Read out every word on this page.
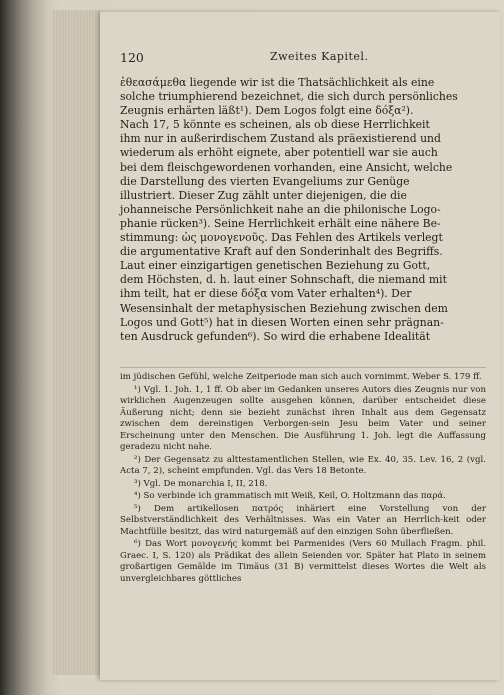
120	Zweites Kapitel.

ἐθεασάμεθα liegende wir ist die Thatsächlichkeit als eine

solche triumphierend bezeichnet, die sich durch persönliches

Zeugnis erhärten läßt¹). Dem Logos folgt eine δόξα²).

Nach 17, 5 könnte es scheinen, als ob diese Herrlichkeit

ihm nur in außerirdischem Zustand als präexistierend und

wiederum als erhöht eignete, aber potentiell war sie auch

bei dem fleischgewordenen vorhanden, eine Ansicht, welche

die Darstellung des vierten Evangeliums zur Genüge

illustriert. Dieser Zug zählt unter diejenigen, die die

johanneische Persönlichkeit nahe an die philonische Logo-

phanie rücken³). Seine Herrlichkeit erhält eine nähere Be-

stimmung: ὡς μονογενοῦς. Das Fehlen des Artikels verlegt

die argumentative Kraft auf den Sonderinhalt des Begriffs.

Laut einer einzigartigen genetischen Beziehung zu Gott,

dem Höchsten, d. h. laut einer Sohnschaft, die niemand mit

ihm teilt, hat er diese δόξα vom Vater erhalten⁴). Der

Wesensinhalt der metaphysischen Beziehung zwischen dem

Logos und Gott⁵) hat in diesen Worten einen sehr prägnan-

ten Ausdruck gefunden⁶). So wird die erhabene Idealität

im jüdischen Gefühl, welche Zeitperiode man sich auch vornimmt. Weber S. 179 ff.

¹) Vgl. 1. Joh. 1, 1 ff. Ob aber im Gedanken unseres Autors dies Zeugnis nur von wirklichen Augenzeugen sollte ausgehen können, darüber entscheidet diese Äußerung nicht; denn sie bezieht zunächst ihren Inhalt aus dem Gegensatz zwischen dem dereinstigen Verborgen-sein Jesu beim Vater und seiner Erscheinung unter den Menschen. Die Ausführung 1. Joh. legt die Auffassung geradezu nicht nahe.

²) Der Gegensatz zu alttestamentlichen Stellen, wie Ex. 40, 35. Lev. 16, 2 (vgl. Acta 7, 2), scheint empfunden. Vgl. das Vers 18 Betonte.

³) Vgl. De monarchia I, II, 218.

⁴) So verbinde ich grammatisch mit Weiß, Keil, O. Holtzmann das παρά.

⁵) Dem artikellosen πατρός inhäriert eine Vorstellung von der Selbstverständlichkeit des Verhältnisses. Was ein Vater an Herrlich-keit oder Machtfülle besitzt, das wird naturgemäß auf den einzigen Sohn überfließen.

⁶) Das Wort μονογενής kommt bei Parmenides (Vers 60 Mullach Fragm. phil. Graec. I, S. 120) als Prädikat des allein Seienden vor. Später hat Plato in seinem großartigen Gemälde im Timäus (31 B) vermittelst dieses Wortes die Welt als unvergleichbares göttliches
